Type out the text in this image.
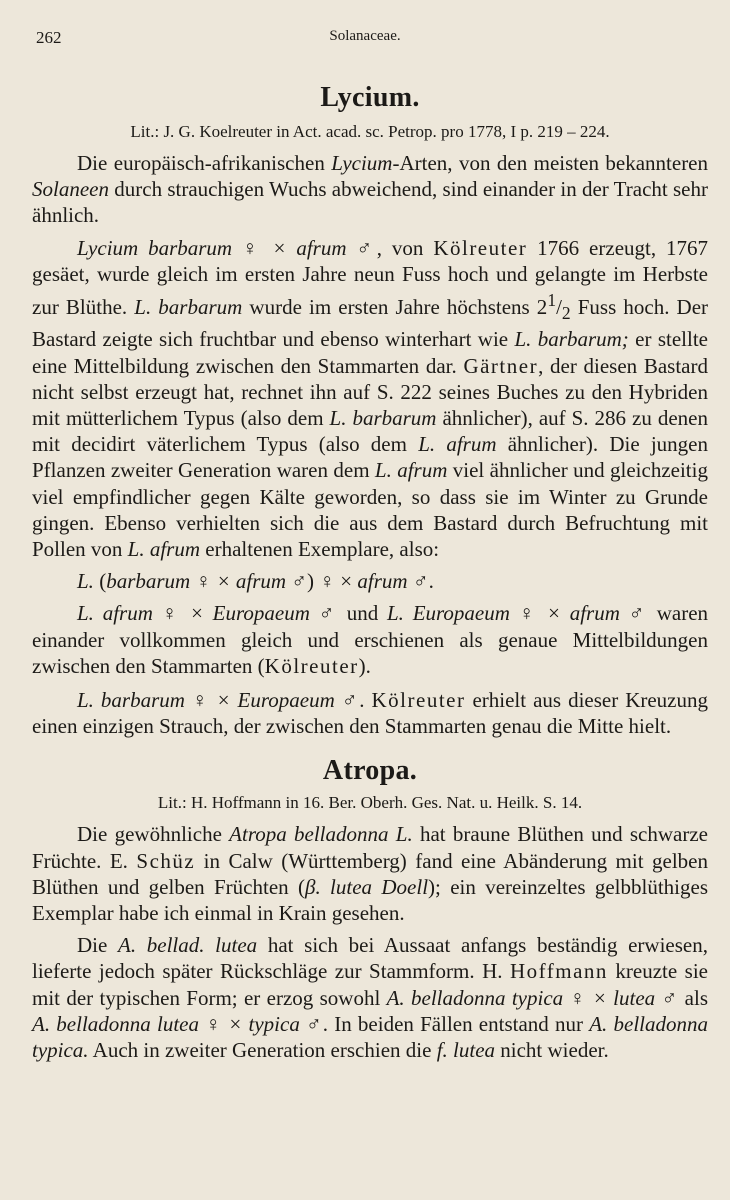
262	Solanaceae.
Lycium.
Lit.: J. G. Koelreuter in Act. acad. sc. Petrop. pro 1778, I p. 219 – 224.

Die europäisch-afrikanischen Lycium-Arten, von den meisten bekannteren Solaneen durch strauchigen Wuchs abweichend, sind einander in der Tracht sehr ähnlich.

Lycium barbarum ♀ × afrum ♂, von Kölreuter 1766 erzeugt, 1767 gesäet, wurde gleich im ersten Jahre neun Fuss hoch und gelangte im Herbste zur Blüthe. L. barbarum wurde im ersten Jahre höchstens $2^1/_2$ Fuss hoch. Der Bastard zeigte sich fruchtbar und ebenso winterhart wie L. barbarum; er stellte eine Mittelbildung zwischen den Stammarten dar. Gärtner, der diesen Bastard nicht selbst erzeugt hat, rechnet ihn auf S. 222 seines Buches zu den Hybriden mit mütterlichem Typus (also dem L. barbarum ähnlicher), auf S. 286 zu denen mit decidirt väterlichem Typus (also dem L. afrum ähnlicher). Die jungen Pflanzen zweiter Generation waren dem L. afrum viel ähnlicher und gleichzeitig viel empfindlicher gegen Kälte geworden, so dass sie im Winter zu Grunde gingen. Ebenso verhielten sich die aus dem Bastard durch Befruchtung mit Pollen von L. afrum erhaltenen Exemplare, also:

L. (barbarum ♀ × afrum ♂) ♀ × afrum ♂.

L. afrum ♀ × Europaeum ♂ und L. Europaeum ♀ × afrum ♂ waren einander vollkommen gleich und erschienen als genaue Mittelbildungen zwischen den Stammarten (Kölreuter).

L. barbarum ♀ × Europaeum ♂. Kölreuter erhielt aus dieser Kreuzung einen einzigen Strauch, der zwischen den Stammarten genau die Mitte hielt.

Atropa.
Lit.: H. Hoffmann in 16. Ber. Oberh. Ges. Nat. u. Heilk. S. 14.

Die gewöhnliche Atropa belladonna L. hat braune Blüthen und schwarze Früchte. E. Schüz in Calw (Württemberg) fand eine Abänderung mit gelben Blüthen und gelben Früchten (β. lutea Doell); ein vereinzeltes gelbblüthiges Exemplar habe ich einmal in Krain gesehen.

Die A. bellad. lutea hat sich bei Aussaat anfangs beständig erwiesen, lieferte jedoch später Rückschläge zur Stammform. H. Hoffmann kreuzte sie mit der typischen Form; er erzog sowohl A. belladonna typica ♀ × lutea ♂ als A. belladonna lutea ♀ × typica ♂. In beiden Fällen entstand nur A. belladonna typica. Auch in zweiter Generation erschien die f. lutea nicht wieder.
